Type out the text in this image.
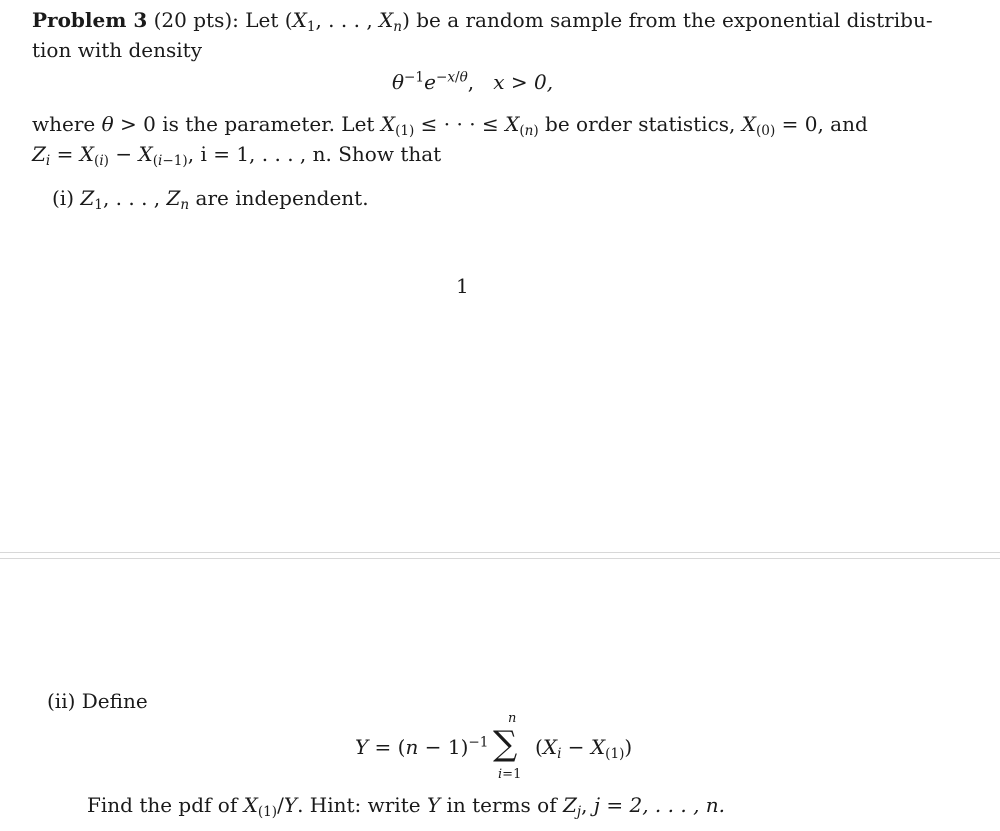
Problem 3 (20 pts): Let ($X_1$, . . . , $X_n$) be a random sample from the exponential distribu-
tion with density
$\theta^{-1}e^{-x/\theta}$,   x > 0,
where θ > 0 is the parameter. Let $X_{(1)}$ ≤ · · · ≤ $X_{(n)}$ be order statistics, $X_{(0)} = 0$, and
$Z_i = X_{(i)} - X_{(i-1)}$, i = 1, . . . , n. Show that
(i) $Z_1$, . . . , $Z_n$ are independent.
1
(ii) Define
$Y = (n - 1)^{-1}$ ∑
n
i=1
$(X_i - X_{(1)})$
Find the pdf of $X_{(1)}/Y$. Hint: write Y in terms of $Z_j$, j = 2, . . . , n.
